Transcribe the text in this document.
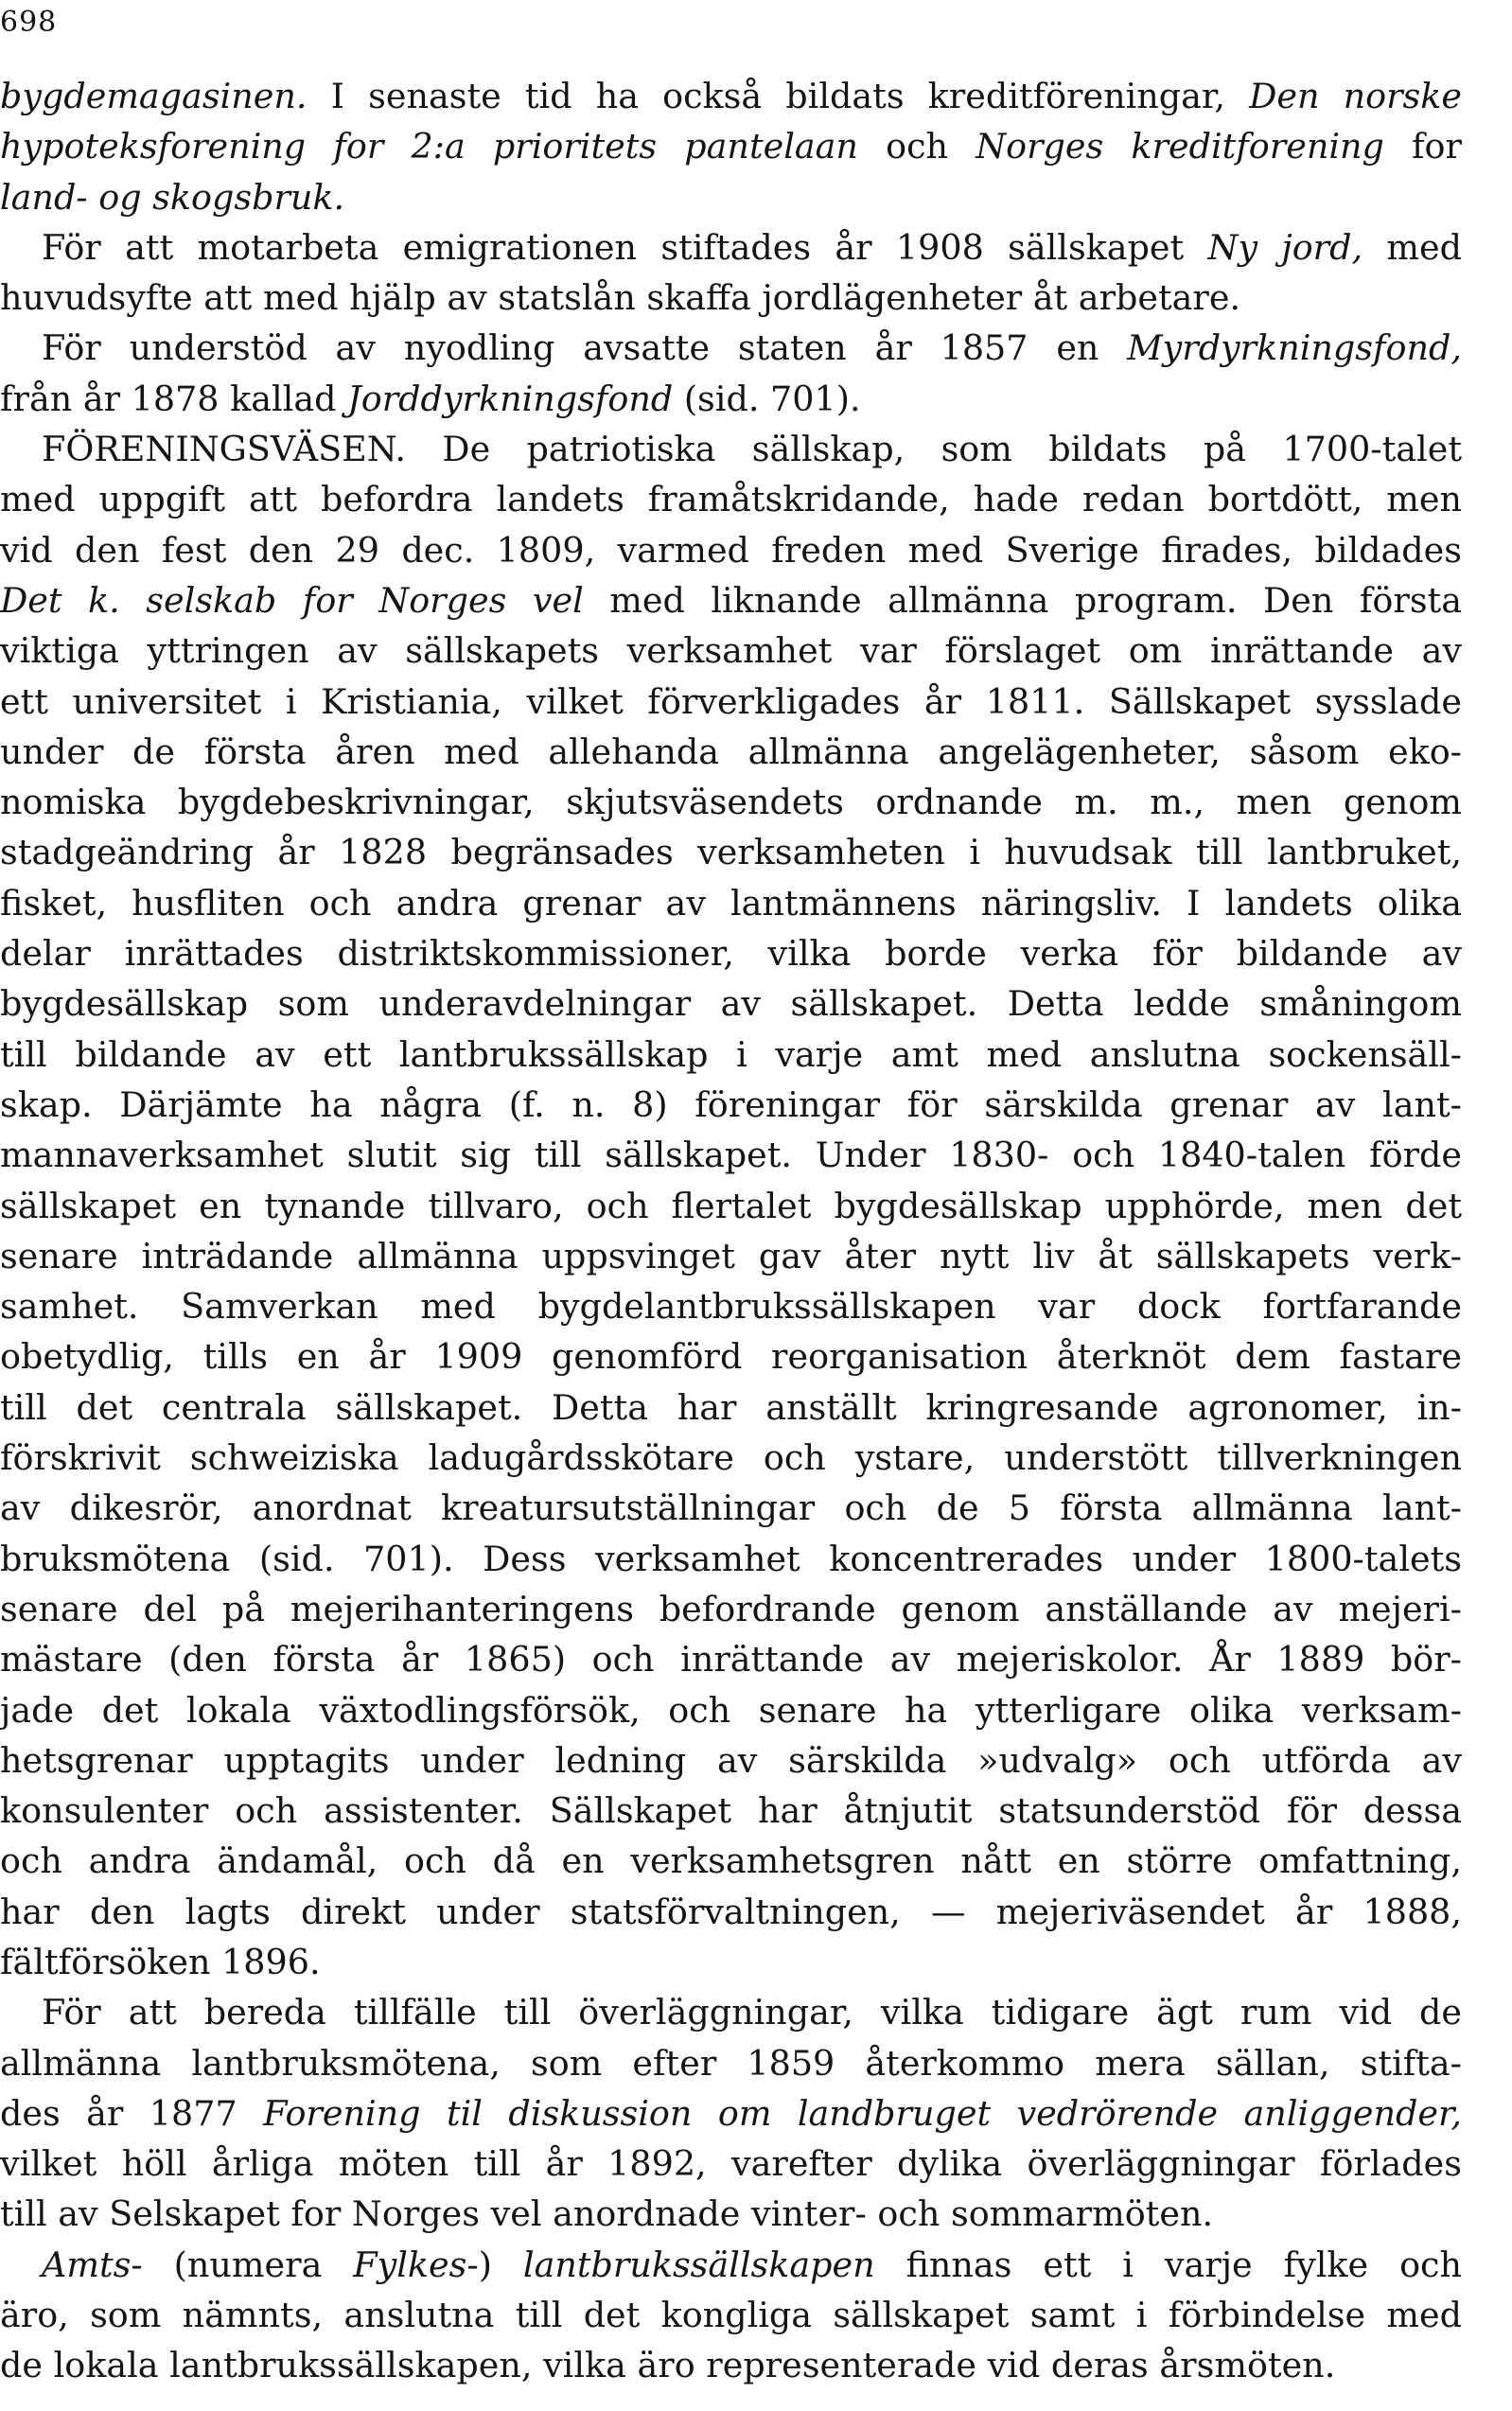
698
bygdemagasinen. I senaste tid ha också bildats kreditföreningar, Den norske
hypoteksforening for 2:a prioritets pantelaan och Norges kreditforening for
land- og skogsbruk.
För att motarbeta emigrationen stiftades år 1908 sällskapet Ny jord, med
huvudsyfte att med hjälp av statslån skaffa jordlägenheter åt arbetare.
För understöd av nyodling avsatte staten år 1857 en Myrdyrkningsfond,
från år 1878 kallad Jorddyrkningsfond (sid. 701).
FÖRENINGSVÄSEN. De patriotiska sällskap, som bildats på 1700-talet
med uppgift att befordra landets framåtskridande, hade redan bortdött, men
vid den fest den 29 dec. 1809, varmed freden med Sverige firades, bildades
Det k. selskab for Norges vel med liknande allmänna program. Den första
viktiga yttringen av sällskapets verksamhet var förslaget om inrättande av
ett universitet i Kristiania, vilket förverkligades år 1811. Sällskapet sysslade
under de första åren med allehanda allmänna angelägenheter, såsom eko-
nomiska bygdebeskrivningar, skjutsväsendets ordnande m. m., men genom
stadgeändring år 1828 begränsades verksamheten i huvudsak till lantbruket,
fisket, husfliten och andra grenar av lantmännens näringsliv. I landets olika
delar inrättades distriktskommissioner, vilka borde verka för bildande av
bygdesällskap som underavdelningar av sällskapet. Detta ledde småningom
till bildande av ett lantbrukssällskap i varje amt med anslutna sockensäll-
skap. Därjämte ha några (f. n. 8) föreningar för särskilda grenar av lant-
mannaverksamhet slutit sig till sällskapet. Under 1830- och 1840-talen förde
sällskapet en tynande tillvaro, och flertalet bygdesällskap upphörde, men det
senare inträdande allmänna uppsvinget gav åter nytt liv åt sällskapets verk-
samhet. Samverkan med bygdelantbrukssällskapen var dock fortfarande
obetydlig, tills en år 1909 genomförd reorganisation återknöt dem fastare
till det centrala sällskapet. Detta har anställt kringresande agronomer, in-
förskrivit schweiziska ladugårdsskötare och ystare, understött tillverkningen
av dikesrör, anordnat kreatursutställningar och de 5 första allmänna lant-
bruksmötena (sid. 701). Dess verksamhet koncentrerades under 1800-talets
senare del på mejerihanteringens befordrande genom anställande av mejeri-
mästare (den första år 1865) och inrättande av mejeriskolor. År 1889 bör-
jade det lokala växtodlingsförsök, och senare ha ytterligare olika verksam-
hetsgrenar upptagits under ledning av särskilda »udvalg» och utförda av
konsulenter och assistenter. Sällskapet har åtnjutit statsunderstöd för dessa
och andra ändamål, och då en verksamhetsgren nått en större omfattning,
har den lagts direkt under statsförvaltningen, — mejeriväsendet år 1888,
fältförsöken 1896.
För att bereda tillfälle till överläggningar, vilka tidigare ägt rum vid de
allmänna lantbruksmötena, som efter 1859 återkommo mera sällan, stifta-
des år 1877 Forening til diskussion om landbruget vedrörende anliggender,
vilket höll årliga möten till år 1892, varefter dylika överläggningar förlades
till av Selskapet for Norges vel anordnade vinter- och sommarmöten.
Amts- (numera Fylkes-) lantbrukssällskapen finnas ett i varje fylke och
äro, som nämnts, anslutna till det kongliga sällskapet samt i förbindelse med
de lokala lantbrukssällskapen, vilka äro representerade vid deras årsmöten.
